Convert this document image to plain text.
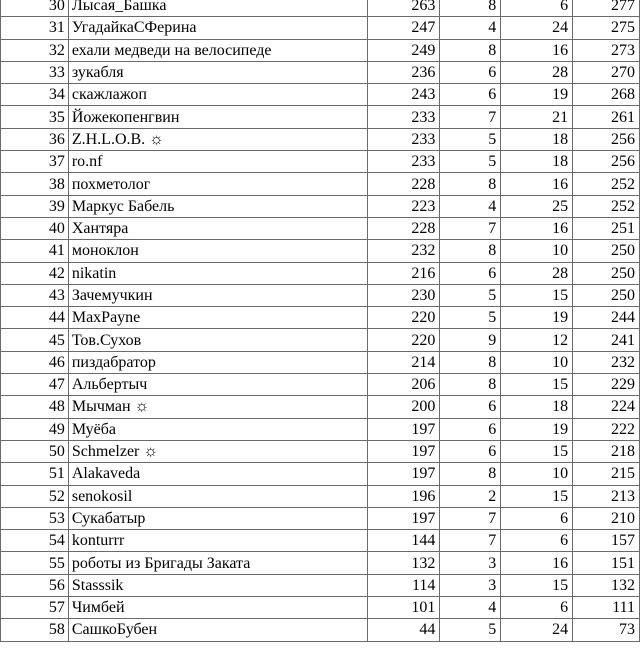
30	Лысая_Башка	263	8	6	277
31	УгадайкаСФерина	247	4	24	275
32	ехали медведи на велосипеде	249	8	16	273
33	зукабля	236	6	28	270
34	скажлажоп	243	6	19	268
35	Йожекопенгвин	233	7	21	261
36	Z.H.L.O.B. ☼	233	5	18	256
37	ro.nf	233	5	18	256
38	похметолог	228	8	16	252
39	Маркус Бабель	223	4	25	252
40	Хантяра	228	7	16	251
41	моноклон	232	8	10	250
42	nikatin	216	6	28	250
43	Зачемучкин	230	5	15	250
44	MaxPayne	220	5	19	244
45	Тов.Сухов	220	9	12	241
46	пиздабратор	214	8	10	232
47	Альбертыч	206	8	15	229
48	Мычман ☼	200	6	18	224
49	Муёба	197	6	19	222
50	Schmelzer ☼	197	6	15	218
51	Alakaveda	197	8	10	215
52	senokosil	196	2	15	213
53	Сукабатыр	197	7	6	210
54	konturrr	144	7	6	157
55	роботы из Бригады Заката	132	3	16	151
56	Stasssik	114	3	15	132
57	Чимбей	101	4	6	111
58	СашкоБубен	44	5	24	73
